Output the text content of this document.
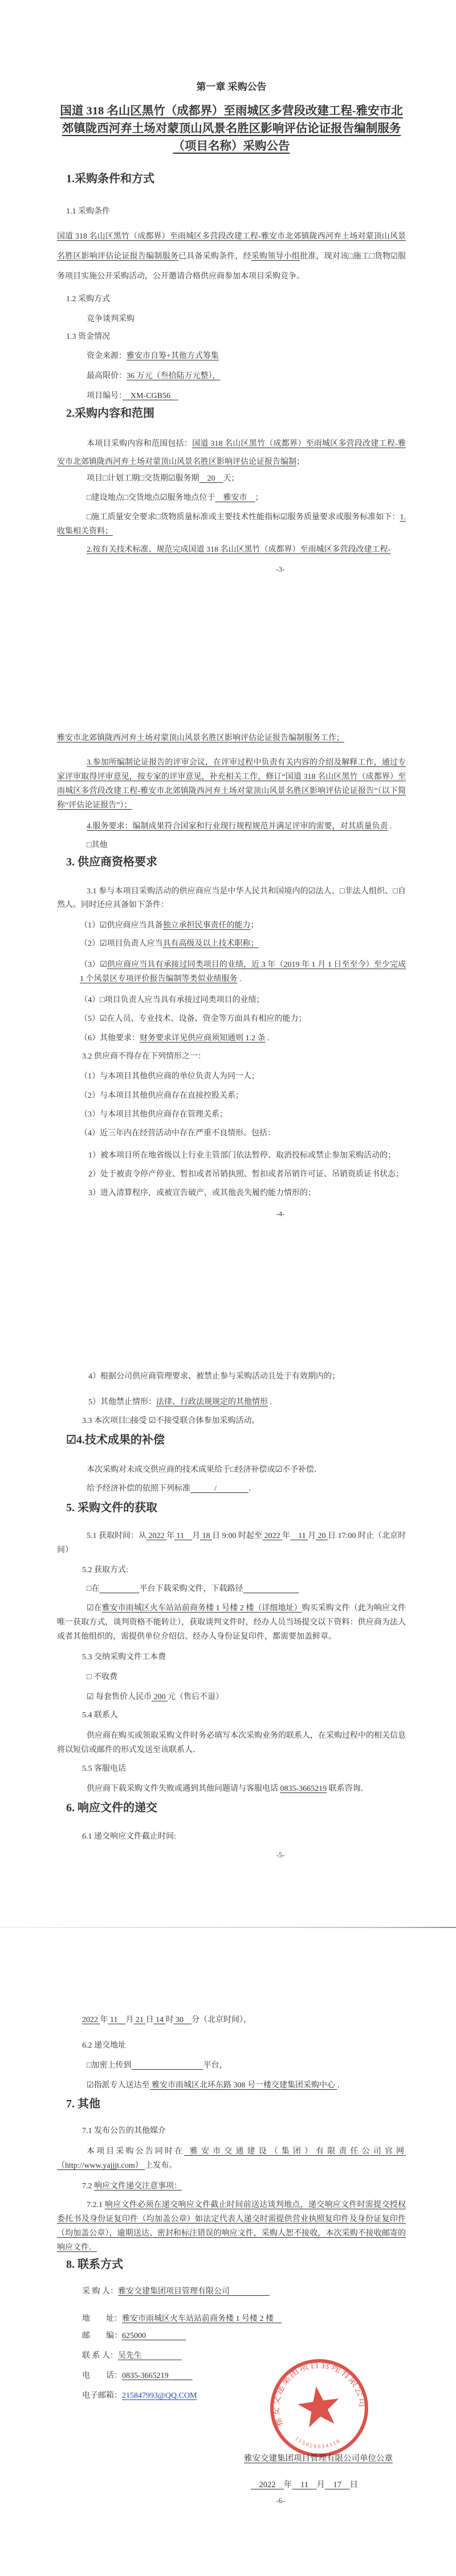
第一章 采购公告

国道 318 名山区黑竹（成都界）至雨城区多营段改建工程-雅安市北郊镇陇西河弃土场对蒙顶山风景名胜区影响评估论证报告编制服务（项目名称）采购公告

1.采购条件和方式

1.1 采购条件

国道 318 名山区黑竹（成都界）至雨城区多营段改建工程-雅安市北郊镇陇西河弃土场对蒙顶山风景名胜区影响评估论证报告编制服务已具备采购条件，经采购领导小组批准，现对该□施工□货物☑服务项目实施公开采购活动，公开邀请合格供应商参加本项目采购竞争。

1.2 采购方式

竞争谈判采购

1.3 资金情况

资金来源：雅安市自筹+其他方式筹集

最高限价：36 万元（叁拾陆万元整），

项目编号：　XM-CGB56　

2.采购内容和范围

本项目采购内容和范围包括：国道 318 名山区黑竹（成都界）至雨城区多营段改建工程-雅安市北郊镇陇西河弃土场对蒙顶山风景名胜区影响评估论证报告编制；

项目□计划工期□交货期☑服务期　20　天；

□建设地点□交货地点☑服务地点位于　雅安市　；

□施工质量安全要求□货物质量标准或主要技术性能指标☑服务质量要求或服务标准如下：1.收集相关资料；

2.按有关技术标准、规范完成国道 318 名山区黑竹（成都界）至雨城区多营段改建工程-

-3-

雅安市北郊镇陇西河弃土场对蒙顶山风景名胜区影响评估论证报告编制服务工作；

3.参加所编制论证报告的评审会议，在评审过程中负责有关内容的介绍及解释工作，通过专家评审取得评审意见，按专家的评审意见，补充相关工作，修订“国道 318 名山区黑竹（成都界）至雨城区多营段改建工程-雅安市北郊镇陇西河弃土场对蒙顶山风景名胜区影响评估论证报告”（以下简称“评估论证报告”）；

4.服务要求：编制成果符合国家和行业现行规程规范并满足评审的需要，对其质量负责 .

□其他

3. 供应商资格要求

3.1 参与本项目采购活动的供应商应当是中华人民共和国境内的☑法人、□非法人组织、□自然人。同时还应具备如下条件：

（1）☑供应商应当具备独立承担民事责任的能力；

（2）☑项目负责人应当具有高级及以上技术职称；

（3）☑供应商应当具有承接过同类项目的业绩，近 3 年（2019 年 1 月 1 日至至今）至少完成 1 个风景区专项评价报告编制等类似业绩服务 .

（4）□项目负责人应当具有承接过同类项目的业绩；

（5）☑在人员、专业技术、设备、资金等方面具有相应的能力；

（6）其他要求：财务要求详见供应商须知通则 1.2 条 .

3.2 供应商不得存在下列情形之一：

（1）与本项目其他供应商的单位负责人为同一人；

（2）与本项目其他供应商存在直接控股关系；

（3）与本项目其他供应商存在管理关系；

（4）近三年内在经营活动中存在严重不良情形。包括：

1）被本项目所在地省级以上行业主管部门依法暂停、取消投标或禁止参加采购活动的；

2）处于被责令停产停业、暂扣或者吊销执照、暂扣或者吊销许可证、吊销资质证书状态；

3）进入清算程序，或被宣告破产，或其他丧失履约能力情形的；

-4-

4）根据公司供应商管理要求、被禁止参与采购活动且处于有效期内的；

5）其他禁止情形：法律、行政法规规定的其他情形 .

3.3 本次项目□接受 ☑不接受联合体参加采购活动。

☑4.技术成果的补偿

本次采购对未成交供应商的技术成果给于□经济补偿或☑不予补偿．

给予经济补偿的依照下列标准　　　/　　　　．

5. 采购文件的获取

5.1 获取时间：从 2022 年 11　月 18 日 9:00 时起至 2022 年　11 月 20 日 17:00 时止（北京时间）

5.2 获取方式:

□在　　　　　	平台下载采购文件，下载路径　　　　　　　

☑在雅安市雨城区火车站站前商务楼 1 号楼 2 楼（详细地址）购买采购文件（此为响应文件唯一获取方式，谈判资格不能转让），获取谈判文件时，经办人员当场提交以下资料：供应商为法人或者其他组织的，需提供单位介绍信、经办人身份证复印件，都需要加盖鲜章。

5.3 交纳采购文件工本费

□ 不收费

☑ 每套售价人民币 200 元（售后不退）

5.4 联系人

供应商在购买或领取采购文件时务必填写本次采购业务的联系人，在采购过程中的相关信息将以短信或邮件的形式发送至该联系人．

5.5 客服电话

供应商下载采购文件失败或遇到其他问题请与客服电话 0835-3665219 联系咨询．

6. 响应文件的递交

6.1 递交响应文件截止时间:

-5-

2022 年 11　月 21 日 14 时 30　分（北京时间），

6.2 递交地址

□加密上传到　　　　　　　　　	平台，

☑指派专人送达至 雅安市雨城区北环东路 308 号一楼交建集团采购中心 ．

7. 其他

7.1 发布公告的其他媒介

本项目采购公告同时在 雅安市交通建设（集团）有限责任公司官网（http://www.yajjjt.com） 上发布。

7.2 响应文件递交注意事项：

7.2.1 响应文件必须在递交响应文件截止时间前送达谈判地点，递交响应文件时需提交授权委托书及身份证复印件（均加盖公章）如法定代表人递交时需提供营业执照复印件及身份证复印件（均加盖公章），逾期送达、密封和标注错误的响应文件，采购人恕不接收，本次采购不接收邮寄的响应文件．

8. 联系方式

采 购 人：雅安交建集团项目管理有限公司　　　　　

地　　址：雅安市雨城区火车站站前商务楼 1 号楼 2 楼　

邮　　编：625000　　　　　

联 系 人：吴先生　　　　　

电　　话：0835-3665219　　　

电子邮箱：215847993@QQ.COM

雅安交建集团项目管理有限公司单位公章
　2022　年　11　月　17　日
雅安交建集团项目管理有限公司
115026034110
-6-
